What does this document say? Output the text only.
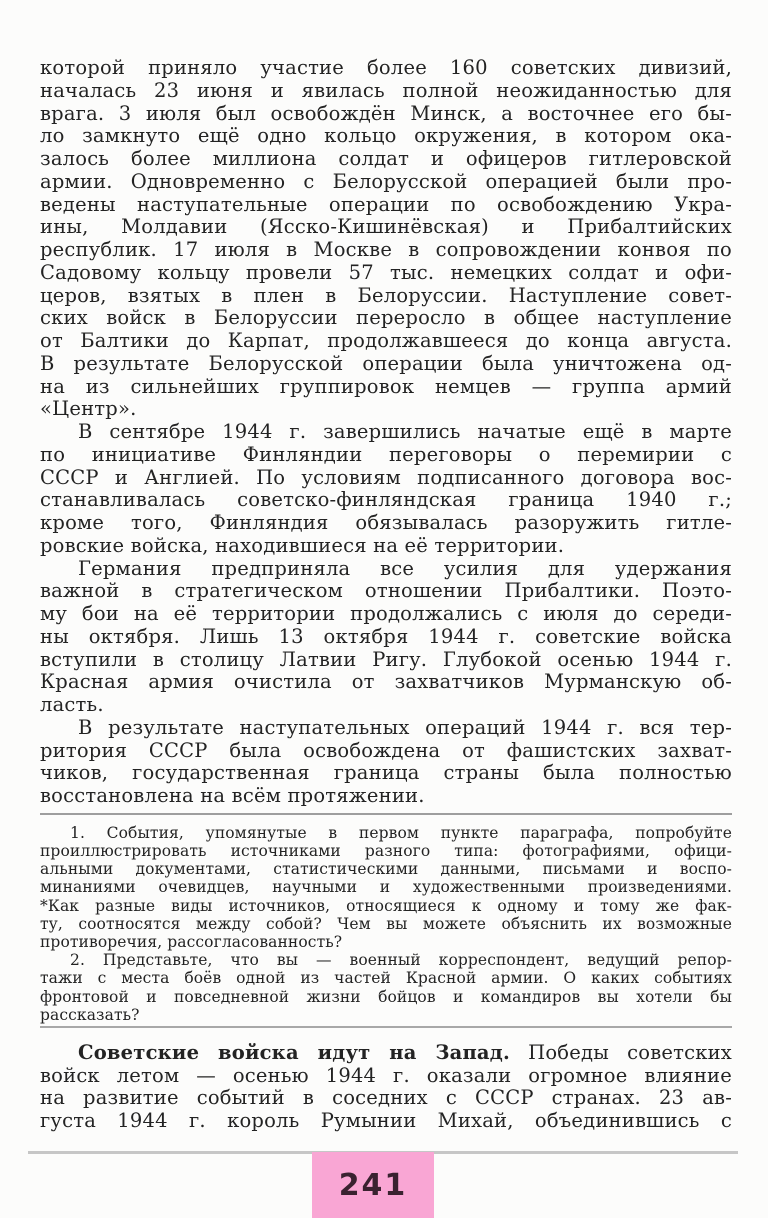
которой приняло участие более 160 советских дивизий,
началась 23 июня и явилась полной неожиданностью для
врага. 3 июля был освобождён Минск, а восточнее его бы-
ло замкнуто ещё одно кольцо окружения, в котором ока-
залось более миллиона солдат и офицеров гитлеровской
армии. Одновременно с Белорусской операцией были про-
ведены наступательные операции по освобождению Укра-
ины, Молдавии (Ясско-Кишинёвская) и Прибалтийских
республик. 17 июля в Москве в сопровождении конвоя по
Садовому кольцу провели 57 тыс. немецких солдат и офи-
церов, взятых в плен в Белоруссии. Наступление совет-
ских войск в Белоруссии переросло в общее наступление
от Балтики до Карпат, продолжавшееся до конца августа.
В результате Белорусской операции была уничтожена од-
на из сильнейших группировок немцев — группа армий
«Центр».
В сентябре 1944 г. завершились начатые ещё в марте
по инициативе Финляндии переговоры о перемирии с
СССР и Англией. По условиям подписанного договора вос-
станавливалась советско-финляндская граница 1940 г.;
кроме того, Финляндия обязывалась разоружить гитле-
ровские войска, находившиеся на её территории.
Германия предприняла все усилия для удержания
важной в стратегическом отношении Прибалтики. Поэто-
му бои на её территории продолжались с июля до середи-
ны октября. Лишь 13 октября 1944 г. советские войска
вступили в столицу Латвии Ригу. Глубокой осенью 1944 г.
Красная армия очистила от захватчиков Мурманскую об-
ласть.
В результате наступательных операций 1944 г. вся тер-
ритория СССР была освобождена от фашистских захват-
чиков, государственная граница страны была полностью
восстановлена на всём протяжении.
1. События, упомянутые в первом пункте параграфа, попробуйте
проиллюстрировать источниками разного типа: фотографиями, офици-
альными документами, статистическими данными, письмами и воспо-
минаниями очевидцев, научными и художественными произведениями.
*Как разные виды источников, относящиеся к одному и тому же фак-
ту, соотносятся между собой? Чем вы можете объяснить их возможные
противоречия, рассогласованность?
2. Представьте, что вы — военный корреспондент, ведущий репор-
тажи с места боёв одной из частей Красной армии. О каких событиях
фронтовой и повседневной жизни бойцов и командиров вы хотели бы
рассказать?
Советские войска идут на Запад. Победы советских
войск летом — осенью 1944 г. оказали огромное влияние
на развитие событий в соседних с СССР странах. 23 ав-
густа 1944 г. король Румынии Михай, объединившись с
241
